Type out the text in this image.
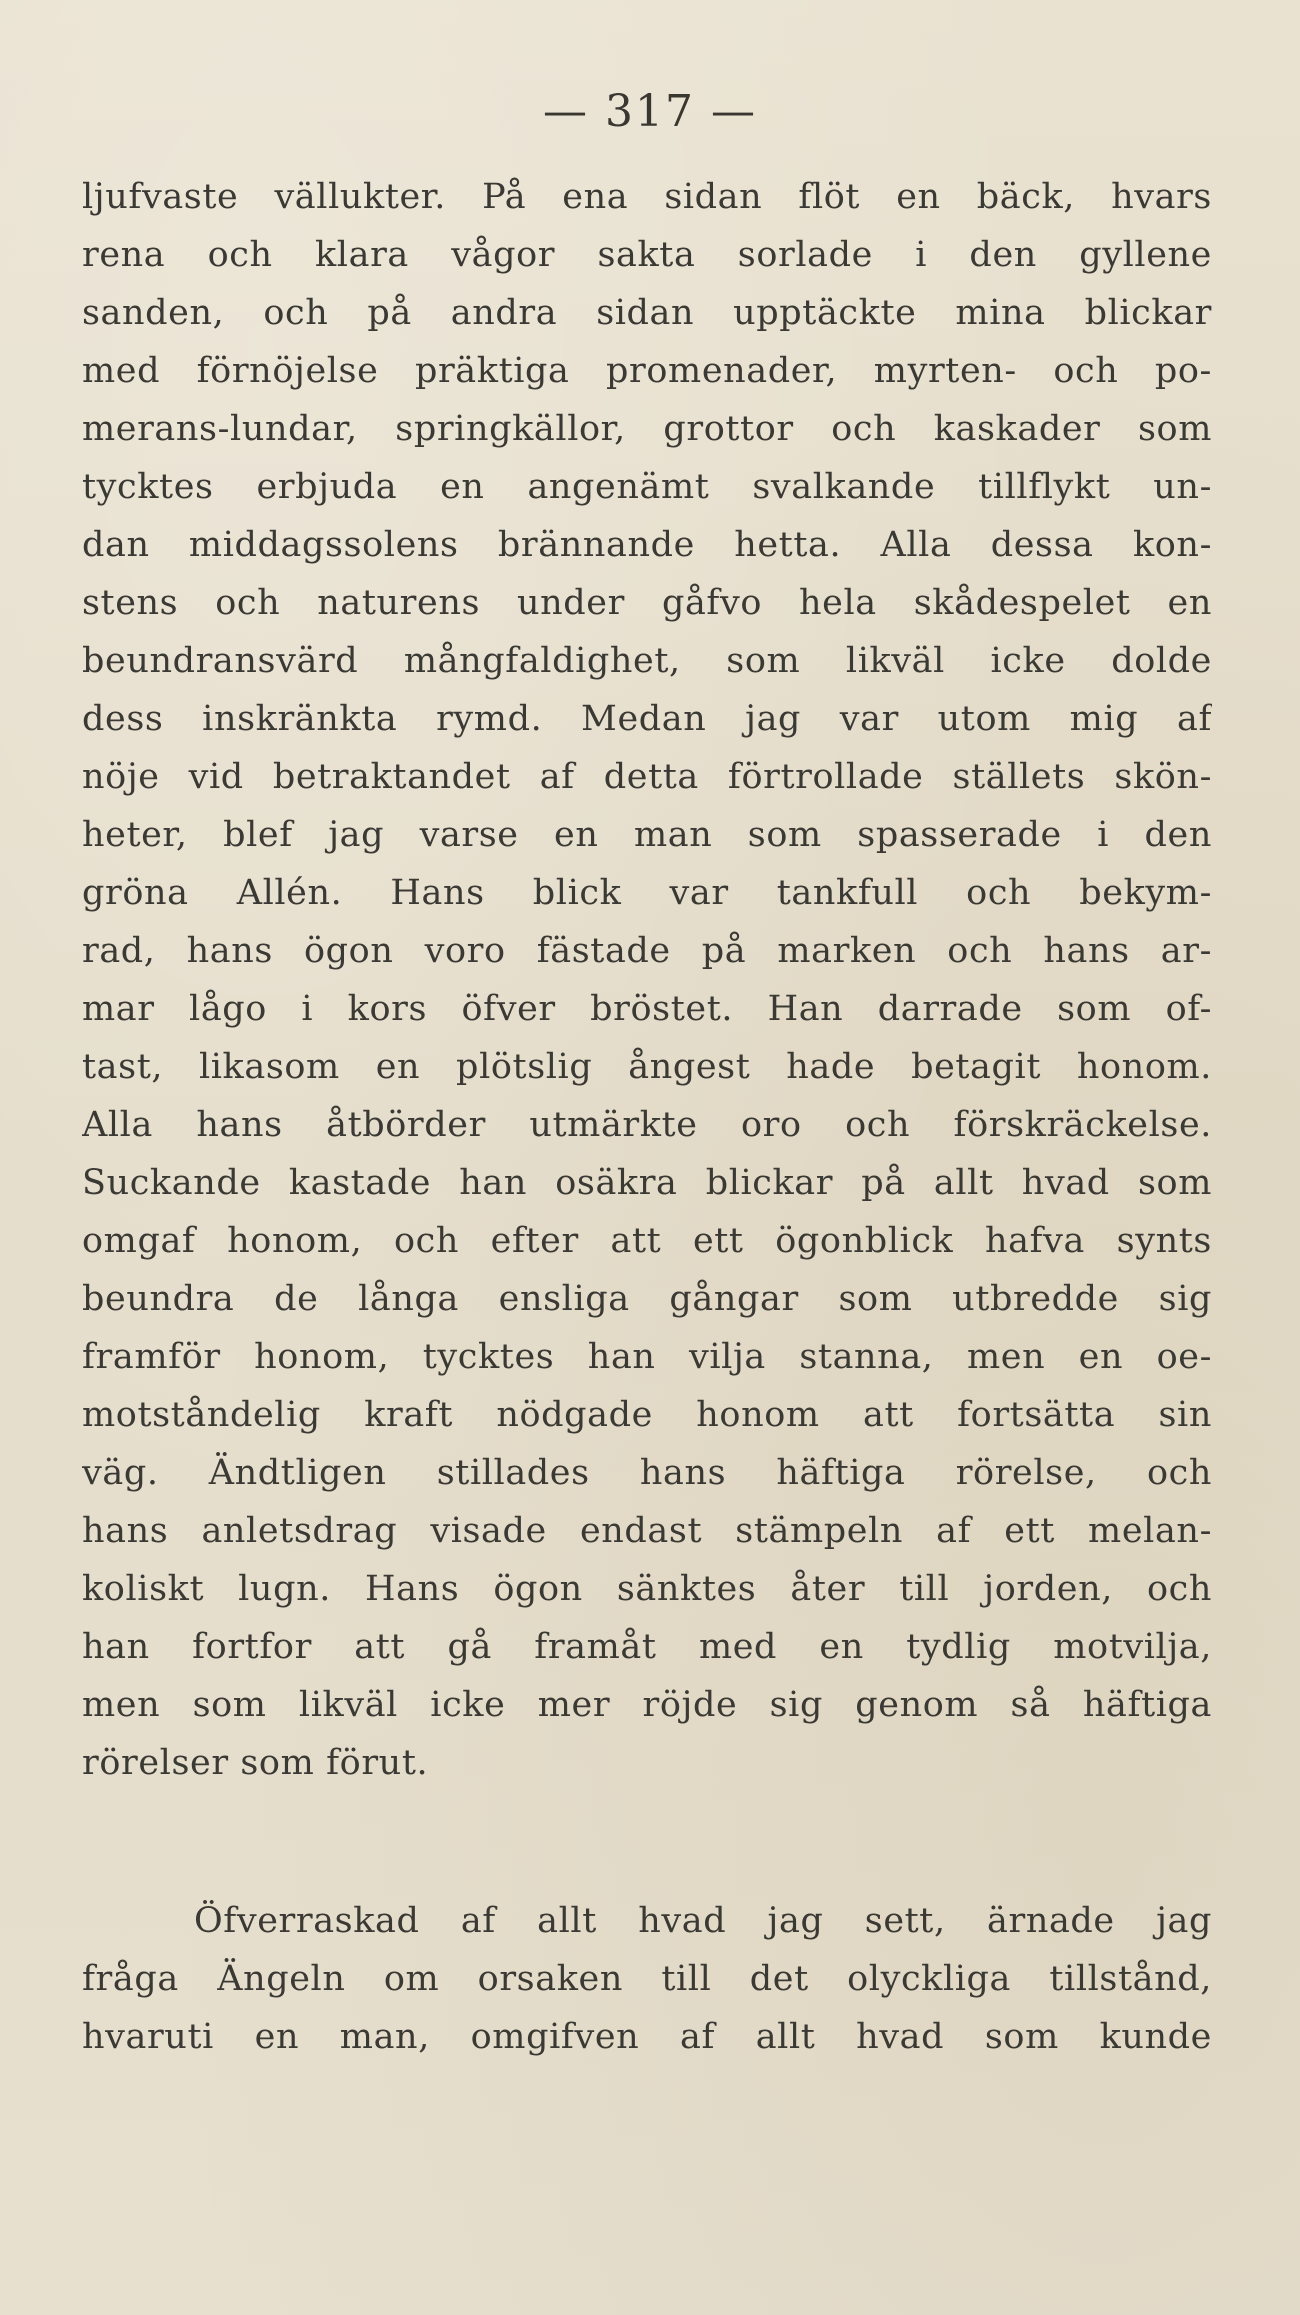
— 317 —
ljufvaste vällukter. På ena sidan flöt en bäck, hvars
rena och klara vågor sakta sorlade i den gyllene
sanden, och på andra sidan upptäckte mina blickar
med förnöjelse präktiga promenader, myrten- och po-
merans-lundar, springkällor, grottor och kaskader som
tycktes erbjuda en angenämt svalkande tillflykt un-
dan middagssolens brännande hetta. Alla dessa kon-
stens och naturens under gåfvo hela skådespelet en
beundransvärd mångfaldighet, som likväl icke dolde
dess inskränkta rymd. Medan jag var utom mig af
nöje vid betraktandet af detta förtrollade ställets skön-
heter, blef jag varse en man som spasserade i den
gröna Allén. Hans blick var tankfull och bekym-
rad, hans ögon voro fästade på marken och hans ar-
mar lågo i kors öfver bröstet. Han darrade som of-
tast, likasom en plötslig ångest hade betagit honom.
Alla hans åtbörder utmärkte oro och förskräckelse.
Suckande kastade han osäkra blickar på allt hvad som
omgaf honom, och efter att ett ögonblick hafva synts
beundra de långa ensliga gångar som utbredde sig
framför honom, tycktes han vilja stanna, men en oe-
motståndelig kraft nödgade honom att fortsätta sin
väg. Ändtligen stillades hans häftiga rörelse, och
hans anletsdrag visade endast stämpeln af ett melan-
koliskt lugn. Hans ögon sänktes åter till jorden, och
han fortfor att gå framåt med en tydlig motvilja,
men som likväl icke mer röjde sig genom så häftiga
rörelser som förut.
Öfverraskad af allt hvad jag sett, ärnade jag
fråga Ängeln om orsaken till det olyckliga tillstånd,
hvaruti en man, omgifven af allt hvad som kunde
